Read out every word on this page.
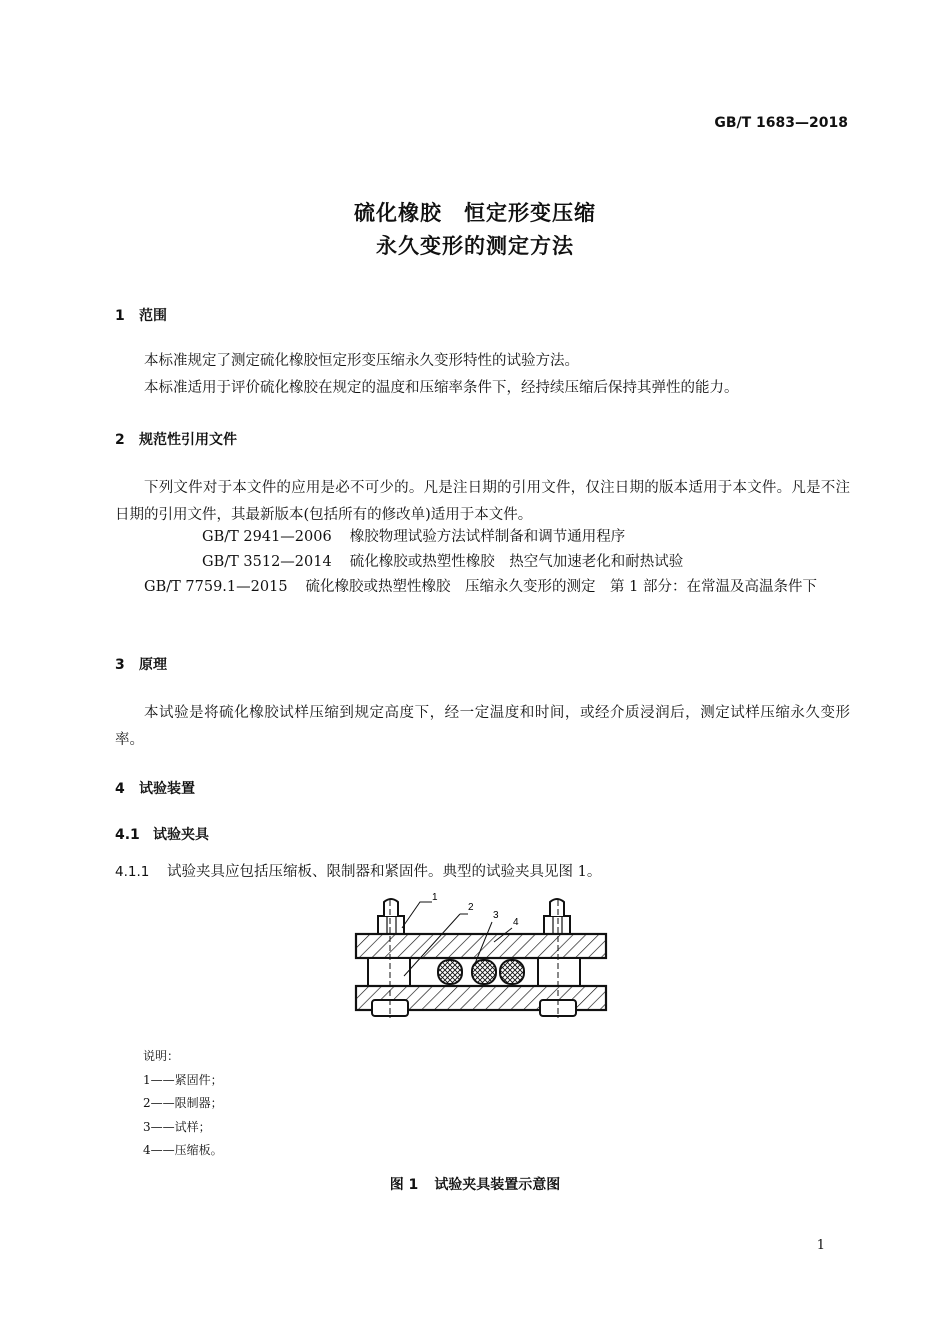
GB/T 1683—2018
硫化橡胶　恒定形变压缩
永久变形的测定方法
1 范围
本标准规定了测定硫化橡胶恒定形变压缩永久变形特性的试验方法。
本标准适用于评价硫化橡胶在规定的温度和压缩率条件下，经持续压缩后保持其弹性的能力。
2 规范性引用文件
下列文件对于本文件的应用是必不可少的。凡是注日期的引用文件，仅注日期的版本适用于本文件。凡是不注日期的引用文件，其最新版本(包括所有的修改单)适用于本文件。
GB/T 2941—2006 橡胶物理试验方法试样制备和调节通用程序
GB/T 3512—2014 硫化橡胶或热塑性橡胶　热空气加速老化和耐热试验
GB/T 7759.1—2015 硫化橡胶或热塑性橡胶　压缩永久变形的测定　第 1 部分：在常温及高温条件下
3 原理
本试验是将硫化橡胶试样压缩到规定高度下，经一定温度和时间，或经介质浸润后，测定试样压缩永久变形率。
4 试验装置
4.1 试验夹具
4.1.1 试验夹具应包括压缩板、限制器和紧固件。典型的试验夹具见图 1。
1
2
3
4
说明：
1——紧固件；
2——限制器；
3——试样；
4——压缩板。
图 1 试验夹具装置示意图
1
